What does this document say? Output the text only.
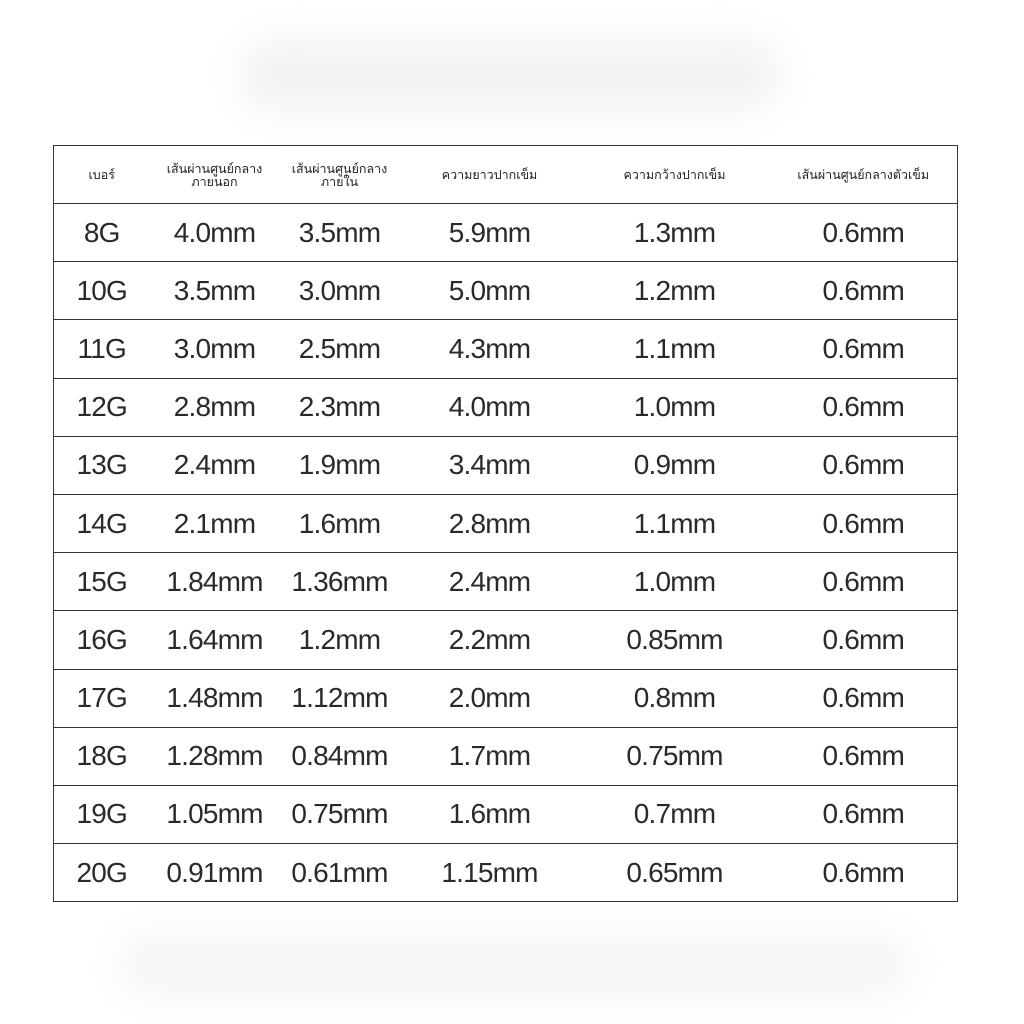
เบอร์	เส้นผ่านศูนย์กลาง ภายนอก	เส้นผ่านศูนย์กลาง ภายใน	ความยาวปากเข็ม	ความกว้างปากเข็ม	เส้นผ่านศูนย์กลางตัวเข็ม
8G	4.0mm	3.5mm	5.9mm	1.3mm	0.6mm
10G	3.5mm	3.0mm	5.0mm	1.2mm	0.6mm
11G	3.0mm	2.5mm	4.3mm	1.1mm	0.6mm
12G	2.8mm	2.3mm	4.0mm	1.0mm	0.6mm
13G	2.4mm	1.9mm	3.4mm	0.9mm	0.6mm
14G	2.1mm	1.6mm	2.8mm	1.1mm	0.6mm
15G	1.84mm	1.36mm	2.4mm	1.0mm	0.6mm
16G	1.64mm	1.2mm	2.2mm	0.85mm	0.6mm
17G	1.48mm	1.12mm	2.0mm	0.8mm	0.6mm
18G	1.28mm	0.84mm	1.7mm	0.75mm	0.6mm
19G	1.05mm	0.75mm	1.6mm	0.7mm	0.6mm
20G	0.91mm	0.61mm	1.15mm	0.65mm	0.6mm
